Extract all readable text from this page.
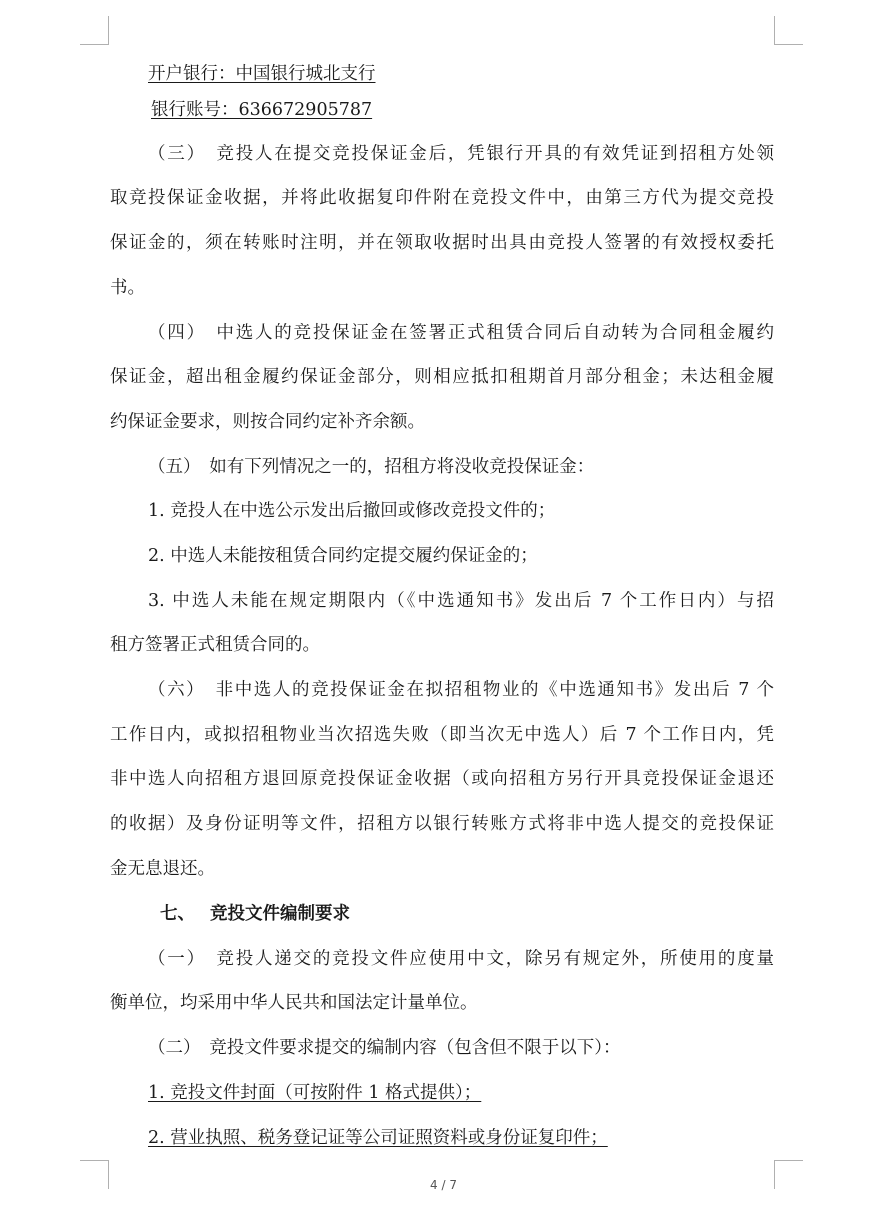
开户银行：中国银行城北支行
银行账号：636672905787
（三）　竞投人在提交竞投保证金后，凭银行开具的有效凭证到招租方处领
取竞投保证金收据，并将此收据复印件附在竞投文件中，由第三方代为提交竞投
保证金的，须在转账时注明，并在领取收据时出具由竞投人签署的有效授权委托
书。
（四）　中选人的竞投保证金在签署正式租赁合同后自动转为合同租金履约
保证金，超出租金履约保证金部分，则相应抵扣租期首月部分租金；未达租金履
约保证金要求，则按合同约定补齐余额。
（五）　如有下列情况之一的，招租方将没收竞投保证金：
1. 竞投人在中选公示发出后撤回或修改竞投文件的；
2. 中选人未能按租赁合同约定提交履约保证金的；
3. 中选人未能在规定期限内（《中选通知书》发出后 7 个工作日内）与招
租方签署正式租赁合同的。
（六）　非中选人的竞投保证金在拟招租物业的《中选通知书》发出后 7 个
工作日内，或拟招租物业当次招选失败（即当次无中选人）后 7 个工作日内，凭
非中选人向招租方退回原竞投保证金收据（或向招租方另行开具竞投保证金退还
的收据）及身份证明等文件，招租方以银行转账方式将非中选人提交的竞投保证
金无息退还。
七、 竞投文件编制要求
（一）　竞投人递交的竞投文件应使用中文，除另有规定外，所使用的度量
衡单位，均采用中华人民共和国法定计量单位。
（二）　竞投文件要求提交的编制内容（包含但不限于以下）：
1. 竞投文件封面（可按附件 1 格式提供）；
2. 营业执照、税务登记证等公司证照资料或身份证复印件；
4 / 7
